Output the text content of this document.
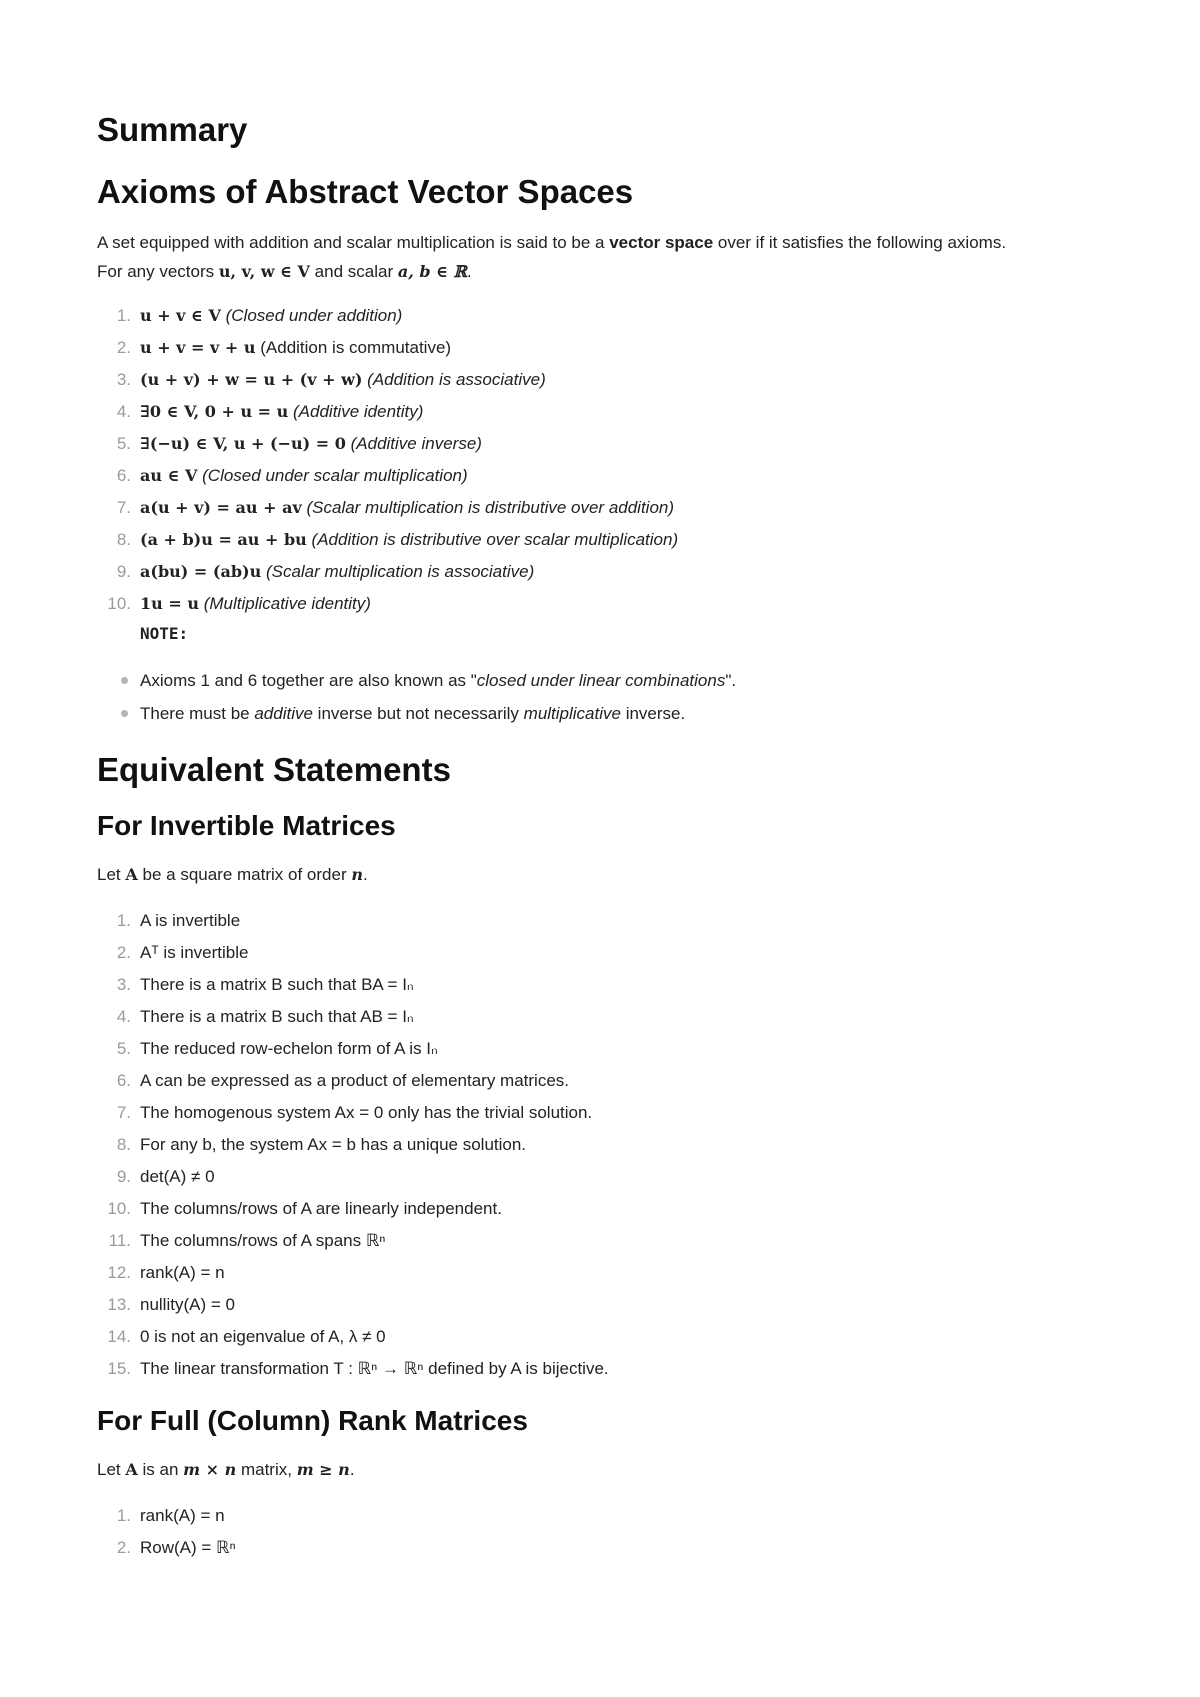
Summary
Axioms of Abstract Vector Spaces

A set equipped with addition and scalar multiplication is said to be a vector space over if it satisfies the following axioms.

For any vectors u, v, w ∈ V and scalar a, b ∈ ℝ.

1. u + v ∈ V (Closed under addition)
2. u + v = v + u (Addition is commutative)
3. (u + v) + w = u + (v + w) (Addition is associative)
4. ∃0 ∈ V, 0 + u = u (Additive identity)
5. ∃(−u) ∈ V, u + (−u) = 0 (Additive inverse)
6. au ∈ V (Closed under scalar multiplication)
7. a(u + v) = au + av (Scalar multiplication is distributive over addition)
8. (a + b)u = au + bu (Addition is distributive over scalar multiplication)
9. a(bu) = (ab)u (Scalar multiplication is associative)
10. 1u = u (Multiplicative identity)
NOTE:
Axioms 1 and 6 together are also known as "closed under linear combinations".
There must be additive inverse but not necessarily multiplicative inverse.
Equivalent Statements
For Invertible Matrices

Let A be a square matrix of order n.

1. A is invertible
2. Aᵀ is invertible
3. There is a matrix B such that BA = Iₙ
4. There is a matrix B such that AB = Iₙ
5. The reduced row-echelon form of A is Iₙ
6. A can be expressed as a product of elementary matrices.
7. The homogenous system Ax = 0 only has the trivial solution.
8. For any b, the system Ax = b has a unique solution.
9. det(A) ≠ 0
10. The columns/rows of A are linearly independent.
11. The columns/rows of A spans ℝⁿ
12. rank(A) = n
13. nullity(A) = 0
14. 0 is not an eigenvalue of A, λ ≠ 0
15. The linear transformation T : ℝⁿ → ℝⁿ defined by A is bijective.
For Full (Column) Rank Matrices

Let A is an m × n matrix, m ≥ n.

1. rank(A) = n
2. Row(A) = ℝⁿ
